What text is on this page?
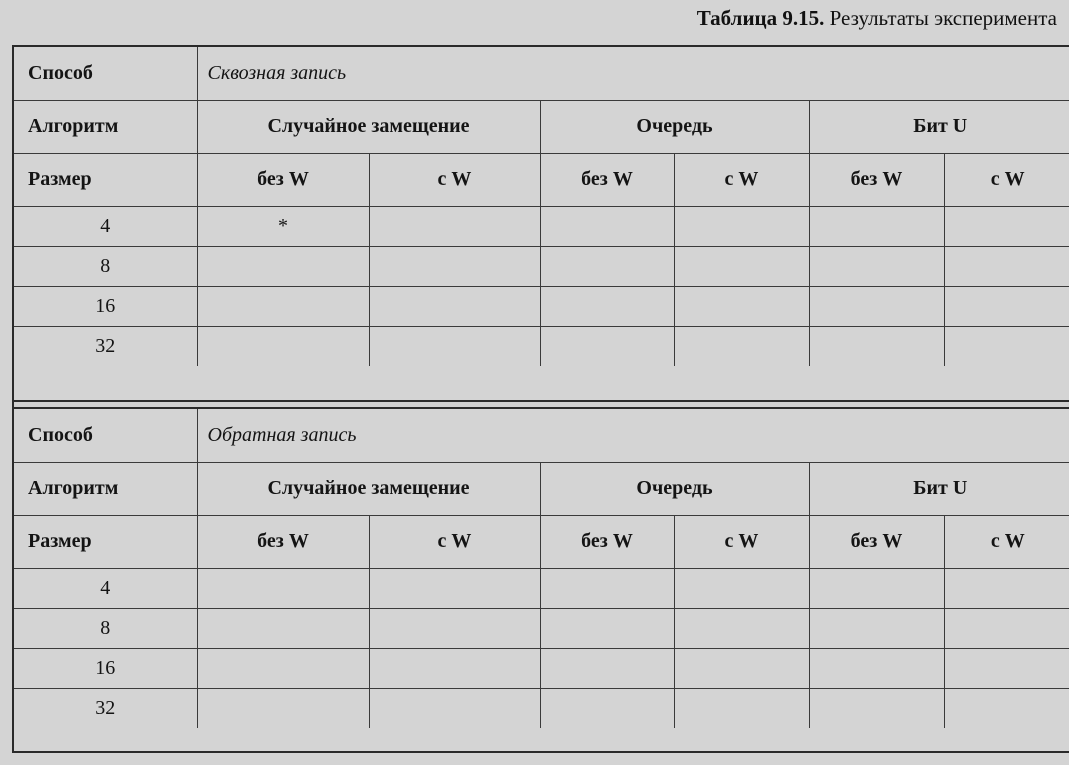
Таблица 9.15. Результаты эксперимента
Способ	Сквозная запись					
Алгоритм	Случайное замещение		Очередь		Бит U	
Размер	без W	с W	без W	с W	без W	с W
4	*					
8						
16						
32						
Способ	Обратная запись					
Алгоритм	Случайное замещение		Очередь		Бит U	
Размер	без W	с W	без W	с W	без W	с W
4						
8						
16						
32						
